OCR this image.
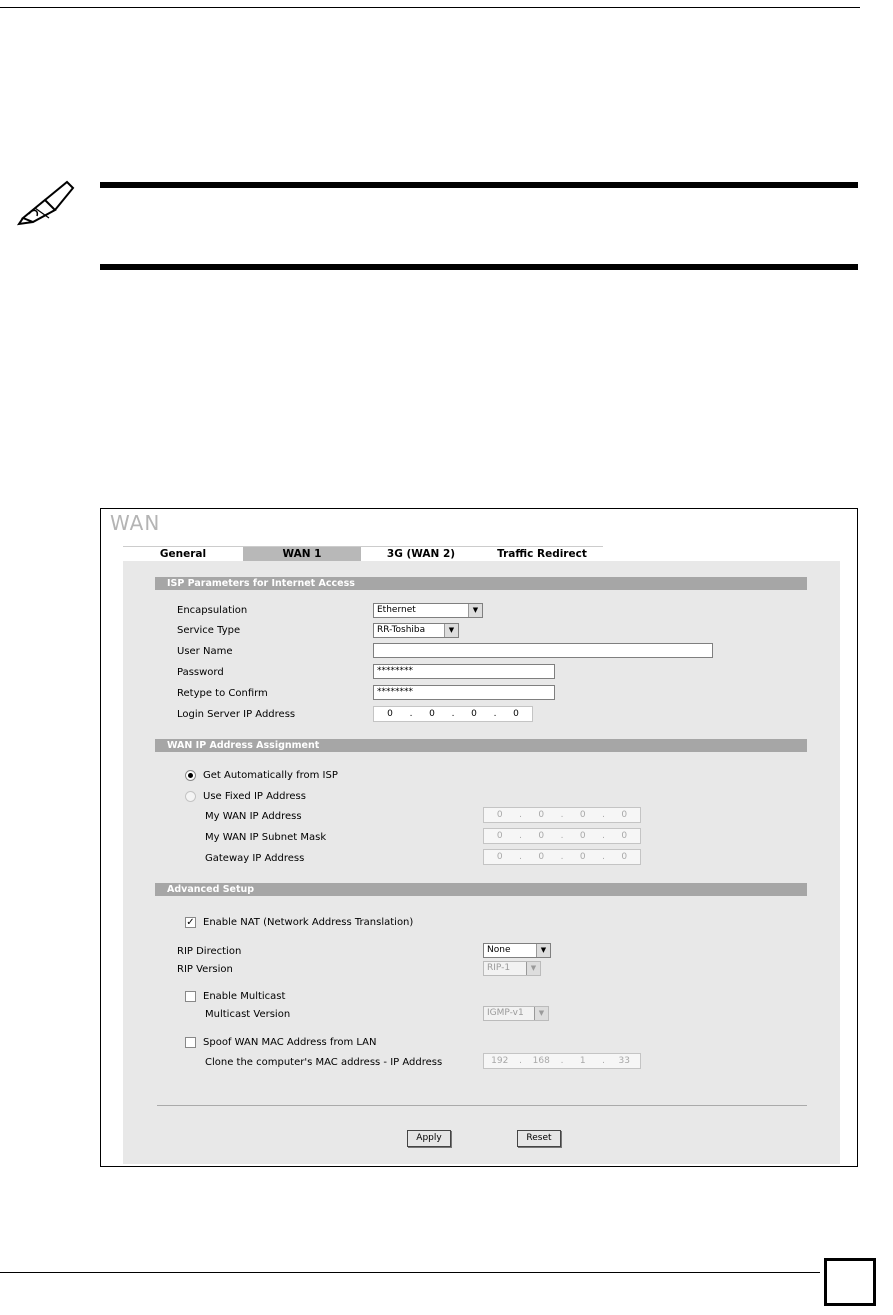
WAN
General	WAN 1	3G (WAN 2)	Traffic Redirect
ISP Parameters for Internet Access
Encapsulation	Ethernet	▼
Service Type	RR-Toshiba	▼
User Name
Password	********
Retype to Confirm	********
Login Server IP Address	0	.	0	.	0	.	0
WAN IP Address Assignment
Get Automatically from ISP
Use Fixed IP Address
My WAN IP Address	0	.	0	.	0	.	0
My WAN IP Subnet Mask	0	.	0	.	0	.	0
Gateway IP Address	0	.	0	.	0	.	0
Advanced Setup
✓ Enable NAT (Network Address Translation)
RIP Direction	None	▼
RIP Version	RIP-1	▼
Enable Multicast
Multicast Version	IGMP-v1	▼
Spoof WAN MAC Address from LAN
Clone the computer's MAC address - IP Address	192	.	168	.	1	.	33
Apply	Reset
